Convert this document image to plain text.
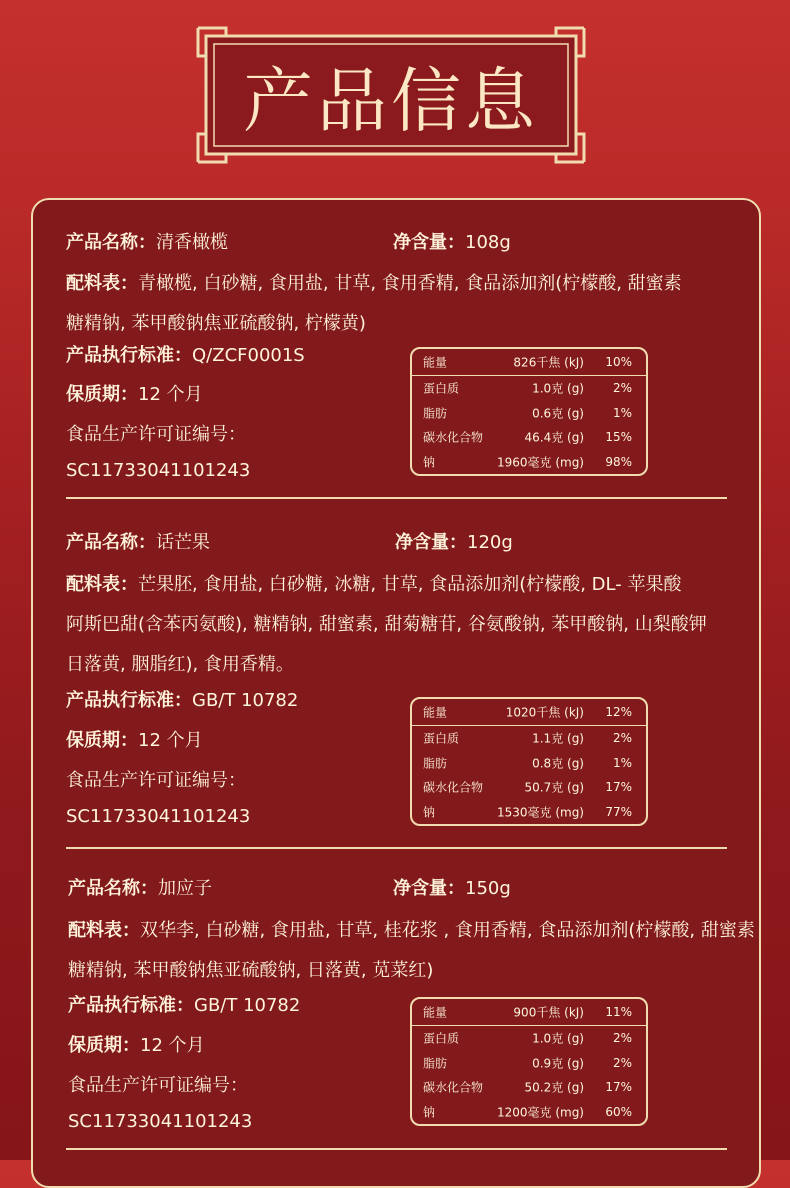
产品信息
产品名称：清香橄榄	净含量：108g
配料表：青橄榄, 白砂糖, 食用盐, 甘草, 食用香精, 食品添加剂(柠檬酸, 甜蜜素
糖精钠, 苯甲酸钠焦亚硫酸钠, 柠檬黄)
产品执行标准：Q/ZCF0001S
保质期：12 个月
食品生产许可证编号：
SC11733041101243
能量	826千焦 (kJ) 10%
蛋白质	1.0克 (g) 2%
脂肪	0.6克 (g) 1%
碳水化合物	46.4克 (g) 15%
钠	1960毫克 (mg) 98%
产品名称：话芒果	净含量：120g
配料表：芒果胚, 食用盐, 白砂糖, 冰糖, 甘草, 食品添加剂(柠檬酸, DL- 苹果酸
阿斯巴甜(含苯丙氨酸), 糖精钠, 甜蜜素, 甜菊糖苷, 谷氨酸钠, 苯甲酸钠, 山梨酸钾
日落黄, 胭脂红), 食用香精。
产品执行标准：GB/T 10782
保质期：12 个月
食品生产许可证编号：
SC11733041101243
能量	1020千焦 (kJ) 12%
蛋白质	1.1克 (g) 2%
脂肪	0.8克 (g) 1%
碳水化合物	50.7克 (g) 17%
钠	1530毫克 (mg) 77%
产品名称：加应子	净含量：150g
配料表：双华李, 白砂糖, 食用盐, 甘草, 桂花浆 , 食用香精, 食品添加剂(柠檬酸, 甜蜜素
糖精钠, 苯甲酸钠焦亚硫酸钠, 日落黄, 苋菜红)
产品执行标准：GB/T 10782
保质期：12 个月
食品生产许可证编号：
SC11733041101243
能量	900千焦 (kJ) 11%
蛋白质	1.0克 (g) 2%
脂肪	0.9克 (g) 2%
碳水化合物	50.2克 (g) 17%
钠	1200毫克 (mg) 60%
